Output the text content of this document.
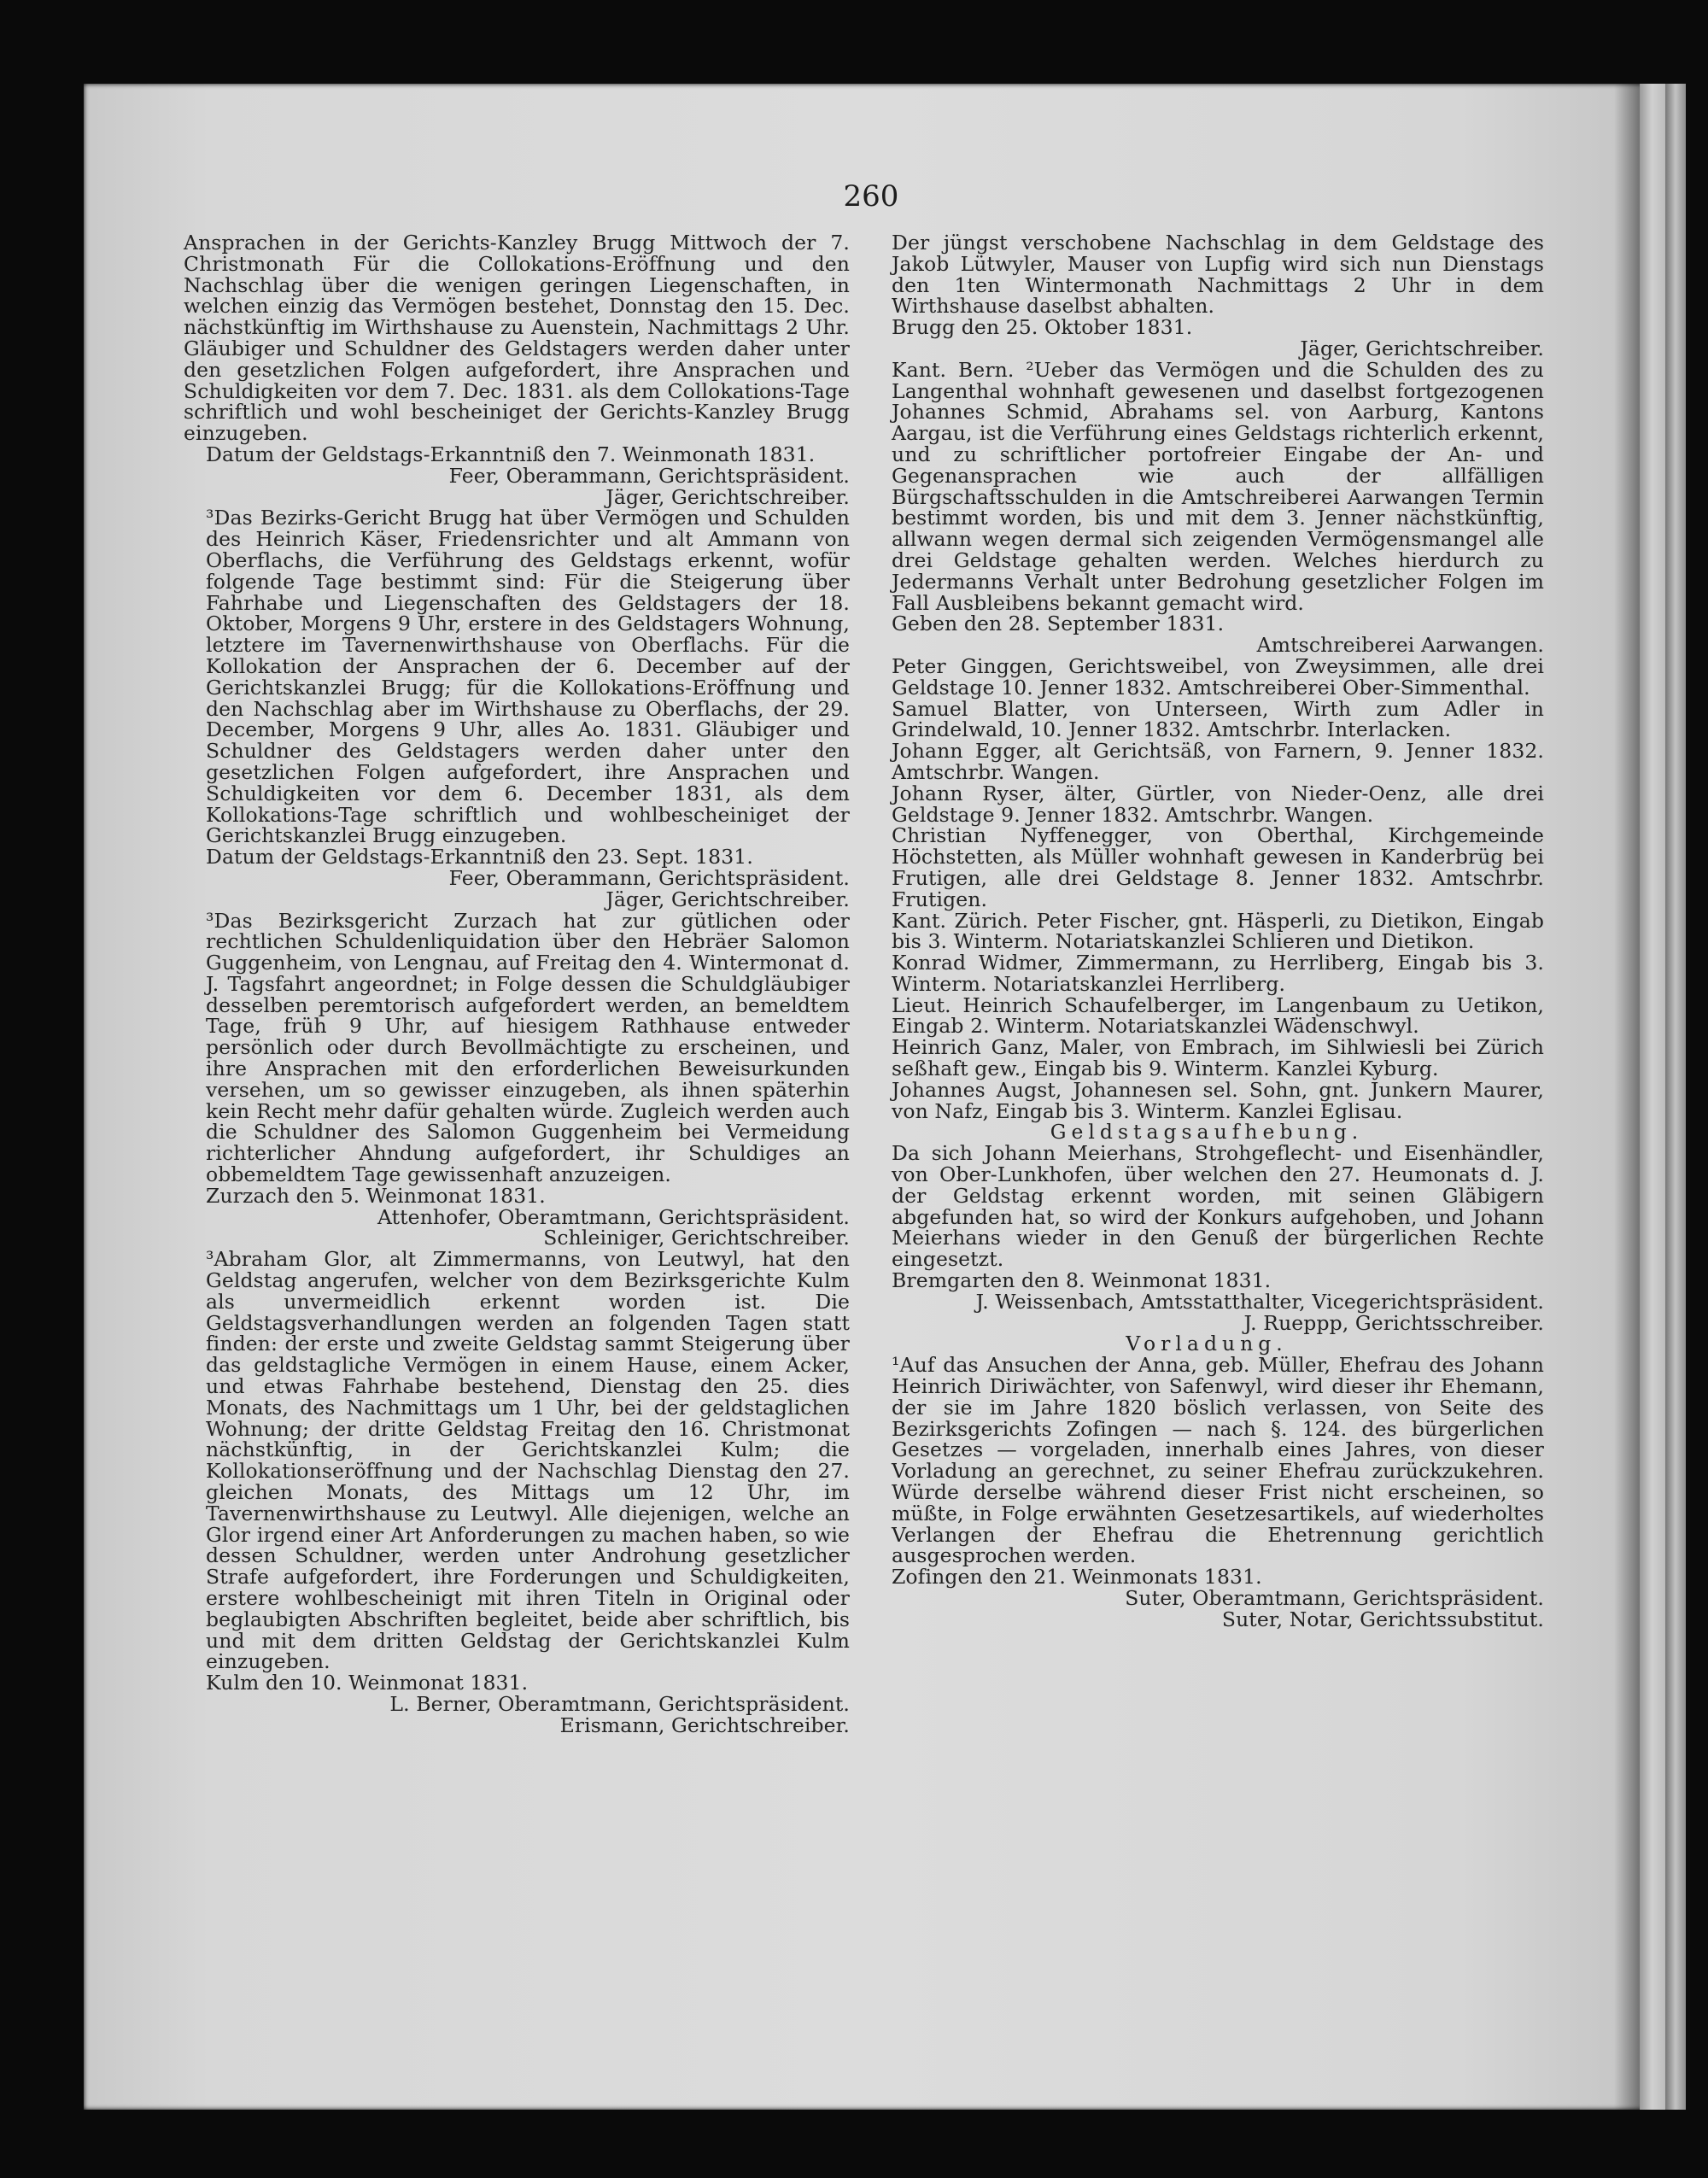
260

Ansprachen in der Gerichts-Kanzley Brugg Mittwoch der 7. Christmonath Für die Collokations-Eröffnung und den Nachschlag über die wenigen geringen Liegenschaften, in welchen einzig das Vermögen bestehet, Donnstag den 15. Dec. nächstkünftig im Wirthshause zu Auenstein, Nachmittags 2 Uhr. Gläubiger und Schuldner des Geldstagers werden daher unter den gesetzlichen Folgen aufgefordert, ihre Ansprachen und Schuldigkeiten vor dem 7. Dec. 1831. als dem Collokations-Tage schriftlich und wohl bescheiniget der Gerichts-Kanzley Brugg einzugeben.

Datum der Geldstags-Erkanntniß den 7. Weinmonath 1831.

Feer, Oberammann, Gerichtspräsident.

Jäger, Gerichtschreiber.

³Das Bezirks-Gericht Brugg hat über Vermögen und Schulden des Heinrich Käser, Friedensrichter und alt Ammann von Oberflachs, die Verführung des Geldstags erkennt, wofür folgende Tage bestimmt sind: Für die Steigerung über Fahrhabe und Liegenschaften des Geldstagers der 18. Oktober, Morgens 9 Uhr, erstere in des Geldstagers Wohnung, letztere im Tavernenwirthshause von Oberflachs. Für die Kollokation der Ansprachen der 6. December auf der Gerichtskanzlei Brugg; für die Kollokations-Eröffnung und den Nachschlag aber im Wirthshause zu Oberflachs, der 29. December, Morgens 9 Uhr, alles Ao. 1831. Gläubiger und Schuldner des Geldstagers werden daher unter den gesetzlichen Folgen aufgefordert, ihre Ansprachen und Schuldigkeiten vor dem 6. December 1831, als dem Kollokations-Tage schriftlich und wohlbescheiniget der Gerichtskanzlei Brugg einzugeben.

Datum der Geldstags-Erkanntniß den 23. Sept. 1831.

Feer, Oberammann, Gerichtspräsident.

Jäger, Gerichtschreiber.

³Das Bezirksgericht Zurzach hat zur gütlichen oder rechtlichen Schuldenliquidation über den Hebräer Salomon Guggenheim, von Lengnau, auf Freitag den 4. Wintermonat d. J. Tagsfahrt angeordnet; in Folge dessen die Schuldgläubiger desselben peremtorisch aufgefordert werden, an bemeldtem Tage, früh 9 Uhr, auf hiesigem Rathhause entweder persönlich oder durch Bevollmächtigte zu erscheinen, und ihre Ansprachen mit den erforderlichen Beweisurkunden versehen, um so gewisser einzugeben, als ihnen späterhin kein Recht mehr dafür gehalten würde. Zugleich werden auch die Schuldner des Salomon Guggenheim bei Vermeidung richterlicher Ahndung aufgefordert, ihr Schuldiges an obbemeldtem Tage gewissenhaft anzuzeigen.

Zurzach den 5. Weinmonat 1831.

Attenhofer, Oberamtmann, Gerichtspräsident.

Schleiniger, Gerichtschreiber.

³Abraham Glor, alt Zimmermanns, von Leutwyl, hat den Geldstag angerufen, welcher von dem Bezirksgerichte Kulm als unvermeidlich erkennt worden ist. Die Geldstagsverhandlungen werden an folgenden Tagen statt finden: der erste und zweite Geldstag sammt Steigerung über das geldstagliche Vermögen in einem Hause, einem Acker, und etwas Fahrhabe bestehend, Dienstag den 25. dies Monats, des Nachmittags um 1 Uhr, bei der geldstaglichen Wohnung; der dritte Geldstag Freitag den 16. Christmonat nächstkünftig, in der Gerichtskanzlei Kulm; die Kollokationseröffnung und der Nachschlag Dienstag den 27. gleichen Monats, des Mittags um 12 Uhr, im Tavernenwirthshause zu Leutwyl. Alle diejenigen, welche an Glor irgend einer Art Anforderungen zu machen haben, so wie dessen Schuldner, werden unter Androhung gesetzlicher Strafe aufgefordert, ihre Forderungen und Schuldigkeiten, erstere wohlbescheinigt mit ihren Titeln in Original oder beglaubigten Abschriften begleitet, beide aber schriftlich, bis und mit dem dritten Geldstag der Gerichtskanzlei Kulm einzugeben.

Kulm den 10. Weinmonat 1831.

L. Berner, Oberamtmann, Gerichtspräsident.

Erismann, Gerichtschreiber.

Der jüngst verschobene Nachschlag in dem Geldstage des Jakob Lütwyler, Mauser von Lupfig wird sich nun Dienstags den 1ten Wintermonath Nachmittags 2 Uhr in dem Wirthshause daselbst abhalten.

Brugg den 25. Oktober 1831.

Jäger, Gerichtschreiber.

Kant. Bern. ²Ueber das Vermögen und die Schulden des zu Langenthal wohnhaft gewesenen und daselbst fortgezogenen Johannes Schmid, Abrahams sel. von Aarburg, Kantons Aargau, ist die Verführung eines Geldstags richterlich erkennt, und zu schriftlicher portofreier Eingabe der An- und Gegenansprachen wie auch der allfälligen Bürgschaftsschulden in die Amtschreiberei Aarwangen Termin bestimmt worden, bis und mit dem 3. Jenner nächstkünftig, allwann wegen dermal sich zeigenden Vermögensmangel alle drei Geldstage gehalten werden. Welches hierdurch zu Jedermanns Verhalt unter Bedrohung gesetzlicher Folgen im Fall Ausbleibens bekannt gemacht wird.

Geben den 28. September 1831.

Amtschreiberei Aarwangen.

Peter Ginggen, Gerichtsweibel, von Zweysimmen, alle drei Geldstage 10. Jenner 1832. Amtschreiberei Ober-Simmenthal.

Samuel Blatter, von Unterseen, Wirth zum Adler in Grindelwald, 10. Jenner 1832. Amtschrbr. Interlacken.

Johann Egger, alt Gerichtsäß, von Farnern, 9. Jenner 1832. Amtschrbr. Wangen.

Johann Ryser, älter, Gürtler, von Nieder-Oenz, alle drei Geldstage 9. Jenner 1832. Amtschrbr. Wangen.

Christian Nyffenegger, von Oberthal, Kirchgemeinde Höchstetten, als Müller wohnhaft gewesen in Kanderbrüg bei Frutigen, alle drei Geldstage 8. Jenner 1832. Amtschrbr. Frutigen.

Kant. Zürich. Peter Fischer, gnt. Häsperli, zu Dietikon, Eingab bis 3. Winterm. Notariatskanzlei Schlieren und Dietikon.

Konrad Widmer, Zimmermann, zu Herrliberg, Eingab bis 3. Winterm. Notariatskanzlei Herrliberg.

Lieut. Heinrich Schaufelberger, im Langenbaum zu Uetikon, Eingab 2. Winterm. Notariatskanzlei Wädenschwyl.

Heinrich Ganz, Maler, von Embrach, im Sihlwiesli bei Zürich seßhaft gew., Eingab bis 9. Winterm. Kanzlei Kyburg.

Johannes Augst, Johannesen sel. Sohn, gnt. Junkern Maurer, von Nafz, Eingab bis 3. Winterm. Kanzlei Eglisau.

Geldstagsaufhebung.

Da sich Johann Meierhans, Strohgeflecht- und Eisenhändler, von Ober-Lunkhofen, über welchen den 27. Heumonats d. J. der Geldstag erkennt worden, mit seinen Gläbigern abgefunden hat, so wird der Konkurs aufgehoben, und Johann Meierhans wieder in den Genuß der bürgerlichen Rechte eingesetzt.

Bremgarten den 8. Weinmonat 1831.

J. Weissenbach, Amtsstatthalter, Vicegerichtspräsident.

J. Rueppp, Gerichtsschreiber.

Vorladung.

¹Auf das Ansuchen der Anna, geb. Müller, Ehefrau des Johann Heinrich Diriwächter, von Safenwyl, wird dieser ihr Ehemann, der sie im Jahre 1820 böslich verlassen, von Seite des Bezirksgerichts Zofingen — nach §. 124. des bürgerlichen Gesetzes — vorgeladen, innerhalb eines Jahres, von dieser Vorladung an gerechnet, zu seiner Ehefrau zurückzukehren. Würde derselbe während dieser Frist nicht erscheinen, so müßte, in Folge erwähnten Gesetzesartikels, auf wiederholtes Verlangen der Ehefrau die Ehetrennung gerichtlich ausgesprochen werden.

Zofingen den 21. Weinmonats 1831.

Suter, Oberamtmann, Gerichtspräsident.

Suter, Notar, Gerichtssubstitut.
